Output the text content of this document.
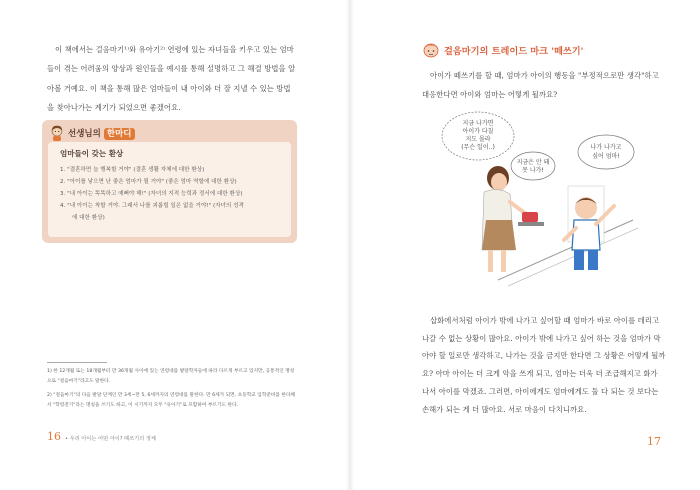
이 책에서는 걸음마기¹⁾와 유아기²⁾ 연령에 있는 자녀들을 키우고 있는 엄마들이 겪는 어려움의 양상과 원인들을 예시를 통해 설명하고 그 해결 방법을 알아볼 거예요. 이 책을 통해 많은 엄마들이 내 아이와 더 잘 지낼 수 있는 방법을 찾아나가는 계기가 되었으면 좋겠어요.

선생님의 한마디
엄마들이 갖는 환상
1. "결혼하면 늘 행복할 거야" (결혼 생활 자체에 대한 환상)
2. "아이를 낳으면 난 좋은 엄마가 될 거야" (좋은 엄마 역할에 대한 환상)
3. "내 아이는 똑똑하고 예뻐야 해!" (자녀의 지적 능력과 정서에 대한 환상)
4. "내 아이는 착할 거야. 그래서 나를 괴롭힐 일은 없을 거야!" (자녀의 성격
에 대한 환상)

1) 한 12개월 또는 18개월부터 만 36개월 사이에 있는 연령대를 발달학자들에 따라 다르게 부르고 있지만, 공통적인 명칭으로 "걸음마기"라고도 말한다.

2) "걸음마기"의 다음 발달 단계인 만 3세~만 5, 6세까지의 연령대를 말한다. 만 6세가 되면, 초등학교 입학준비를 한다해서 "학령전기"라는 명칭을 쓰기도 하고, 이 시기까지 모두 "유아기"로 포함하여 부르기도 한다.

16 • 우리 아이는 어떤 아이? 떼쓰기의 정체
걸음마기의 트레이드 마크 '떼쓰기'

아이가 떼쓰기를 할 때, 엄마가 아이의 행동을 "부정적으로만 생각"하고 대응한다면 아이와 엄마는 어떻게 될까요?

지금 나가면
아이가 다칠
지도 몰라
(무슨 일이..)
지금은 안 돼
못 나가!
나가 나가고
싶어 엄마!

삽화에서처럼 아이가 밖에 나가고 싶어할 때 엄마가 바로 아이를 데리고 나갈 수 없는 상황이 많아요. 아이가 밖에 나가고 싶어 하는 것을 엄마가 막아야 할 일로만 생각하고, 나가는 것을 금지만 한다면 그 상황은 어떻게 될까요? 아마 아이는 더 크게 악을 쓰게 되고, 엄마는 더욱 더 조급해지고 화가 나서 아이를 막겠죠. 그러면, 아이에게도 엄마에게도 둘 다 되는 것 보다는 손해가 되는 게 더 많아요. 서로 마음이 다치니까요.

17
